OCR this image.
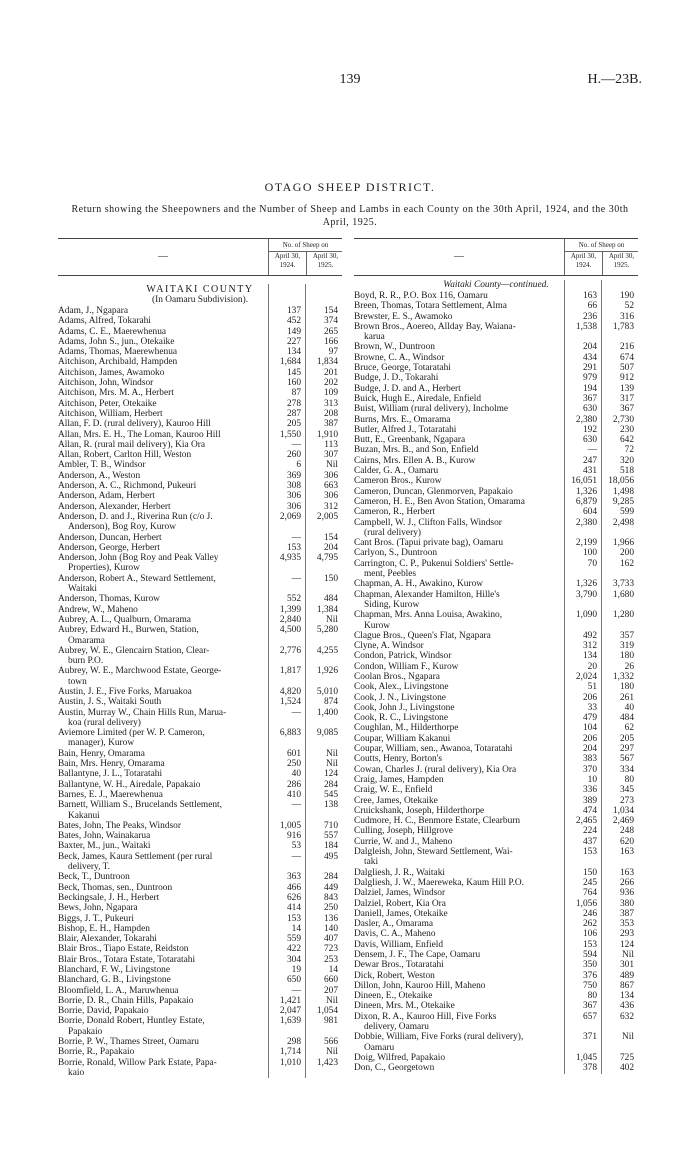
139	H.—23B.
OTAGO SHEEP DISTRICT.
Return showing the Sheepowners and the Number of Sheep and Lambs in each County on the 30th April, 1924, and the 30th April, 1925.
—
No. of Sheep on
April 30, 1924.
April 30, 1925.
WAITAKI COUNTY
(In Oamaru Subdivision).
Adam, J., Ngapara	137	154
Adams, Alfred, Tokarahi	452	374
Adams, C. E., Maerewhenua	149	265
Adams, John S., jun., Otekaike	227	166
Adams, Thomas, Maerewhenua	134	97
Aitchison, Archibald, Hampden	1,684	1,834
Aitchison, James, Awamoko	145	201
Aitchison, John, Windsor	160	202
Aitchison, Mrs. M. A., Herbert	87	109
Aitchison, Peter, Otekaike	278	313
Aitchison, William, Herbert	287	208
Allan, F. D. (rural delivery), Kauroo Hill	205	387
Allan, Mrs. E. H., The Loman, Kauroo Hill	1,550	1,910
Allan, R. (rural mail delivery), Kia Ora	—	113
Allan, Robert, Carlton Hill, Weston	260	307
Ambler, T. B., Windsor	6	Nil
Anderson, A., Weston	369	306
Anderson, A. C., Richmond, Pukeuri	308	663
Anderson, Adam, Herbert	306	306
Anderson, Alexander, Herbert	306	312
Anderson, D. and J., Riverina Run (c/o J.	2,069	2,005
Anderson), Bog Roy, Kurow
Anderson, Duncan, Herbert	—	154
Anderson, George, Herbert	153	204
Anderson, John (Bog Roy and Peak Valley	4,935	4,795
Properties), Kurow
Anderson, Robert A., Steward Settlement,	—	150
Waitaki
Anderson, Thomas, Kurow	552	484
Andrew, W., Maheno	1,399	1,384
Aubrey, A. L., Qualburn, Omarama	2,840	Nil
Aubrey, Edward H., Burwen, Station,	4,500	5,280
Omarama
Aubrey, W. E., Glencairn Station, Clear-	2,776	4,255
burn P.O.
Aubrey, W. E., Marchwood Estate, George-	1,817	1,926
town
Austin, J. E., Five Forks, Maruakoa	4,820	5,010
Austin, J. S., Waitaki South	1,524	874
Austin, Murray W., Chain Hills Run, Marua-	—	1,400
koa (rural delivery)
Aviemore Limited (per W. P. Cameron,	6,883	9,085
manager), Kurow
Bain, Henry, Omarama	601	Nil
Bain, Mrs. Henry, Omarama	250	Nil
Ballantyne, J. L., Totaratahi	40	124
Ballantyne, W. H., Airedale, Papakaio	286	284
Barnes, E. J., Maerewhenua	410	545
Barnett, William S., Brucelands Settlement,	—	138
Kakanui
Bates, John, The Peaks, Windsor	1,005	710
Bates, John, Wainakarua	916	557
Baxter, M., jun., Waitaki	53	184
Beck, James, Kaura Settlement (per rural	—	495
delivery, T.
Beck, T., Duntroon	363	284
Beck, Thomas, sen., Duntroon	466	449
Beckingsale, J. H., Herbert	626	843
Bews, John, Ngapara	414	250
Biggs, J. T., Pukeuri	153	136
Bishop, E. H., Hampden	14	140
Blair, Alexander, Tokarahi	559	407
Blair Bros., Tiapo Estate, Reidston	422	723
Blair Bros., Totara Estate, Totaratahi	304	253
Blanchard, F. W., Livingstone	19	14
Blanchard, G. B., Livingstone	650	660
Bloomfield, L. A., Maruwhenua	—	207
Borrie, D. R., Chain Hills, Papakaio	1,421	Nil
Borrie, David, Papakaio	2,047	1,054
Borrie, Donald Robert, Huntley Estate,	1,639	981
Papakaio
Borrie, P. W., Thames Street, Oamaru	298	566
Borrie, R., Papakaio	1,714	Nil
Borrie, Ronald, Willow Park Estate, Papa-	1,010	1,423
kaio
—
No. of Sheep on
April 30, 1924.
April 30, 1925.
Waitaki County—continued.
Boyd, R. R., P.O. Box 116, Oamaru	163	190
Breen, Thomas, Totara Settlement, Alma	66	52
Brewster, E. S., Awamoko	236	316
Brown Bros., Aoereo, Allday Bay, Waiana-	1,538	1,783
karua
Brown, W., Duntroon	204	216
Browne, C. A., Windsor	434	674
Bruce, George, Totaratahi	291	507
Budge, J. D., Tokarahi	979	912
Budge, J. D. and A., Herbert	194	139
Buick, Hugh E., Airedale, Enfield	367	317
Buist, William (rural delivery), Incholme	630	367
Burns, Mrs. E., Omarama	2,380	2,730
Butler, Alfred J., Totaratahi	192	230
Butt, E., Greenbank, Ngapara	630	642
Buzan, Mrs. B., and Son, Enfield	—	72
Cairns, Mrs. Ellen A. B., Kurow	247	320
Calder, G. A., Oamaru	431	518
Cameron Bros., Kurow	16,051	18,056
Cameron, Duncan, Glenmorven, Papakaio	1,326	1,498
Cameron, H. E., Ben Avon Station, Omarama	6,879	9,285
Cameron, R., Herbert	604	599
Campbell, W. J., Clifton Falls, Windsor	2,380	2,498
(rural delivery)
Cant Bros. (Tapui private bag), Oamaru	2,199	1,966
Carlyon, S., Duntroon	100	200
Carrington, C. P., Pukenui Soldiers' Settle-	70	162
ment, Peebles
Chapman, A. H., Awakino, Kurow	1,326	3,733
Chapman, Alexander Hamilton, Hille's	3,790	1,680
Siding, Kurow
Chapman, Mrs. Anna Louisa, Awakino,	1,090	1,280
Kurow
Clague Bros., Queen's Flat, Ngapara	492	357
Clyne, A. Windsor	312	319
Condon, Patrick, Windsor	134	180
Condon, William F., Kurow	20	26
Coolan Bros., Ngapara	2,024	1,332
Cook, Alex., Livingstone	51	180
Cook, J. N., Livingstone	206	261
Cook, John J., Livingstone	33	40
Cook, R. C., Livingstone	479	484
Coughlan, M., Hilderthorpe	104	62
Coupar, William Kakanui	206	205
Coupar, William, sen., Awanoa, Totaratahi	204	297
Coutts, Henry, Borton's	383	567
Cowan, Charles J. (rural delivery), Kia Ora	370	334
Craig, James, Hampden	10	80
Craig, W. E., Enfield	336	345
Cree, James, Otekaike	389	273
Cruickshank, Joseph, Hilderthorpe	474	1,034
Cudmore, H. C., Benmore Estate, Clearburn	2,465	2,469
Culling, Joseph, Hillgrove	224	248
Currie, W. and J., Maheno	437	620
Dalgleish, John, Steward Settlement, Wai-	153	163
taki
Dalgliesh, J. R., Waitaki	150	163
Dalgliesh, J. W., Maereweka, Kaum Hill P.O.	245	266
Dalziel, James, Windsor	764	936
Dalziel, Robert, Kia Ora	1,056	380
Daniell, James, Otekaike	246	387
Dasler, A., Omarama	262	353
Davis, C. A., Maheno	106	293
Davis, William, Enfield	153	124
Densem, J. F., The Cape, Oamaru	594	Nil
Dewar Bros., Totaratahi	350	301
Dick, Robert, Weston	376	489
Dillon, John, Kauroo Hill, Maheno	750	867
Dineen, E., Otekaike	80	134
Dineen, Mrs. M., Otekaike	367	436
Dixon, R. A., Kauroo Hill, Five Forks	657	632
delivery, Oamaru
Dobbie, William, Five Forks (rural delivery),	371	Nil
Oamaru
Doig, Wilfred, Papakaio	1,045	725
Don, C., Georgetown	378	402
